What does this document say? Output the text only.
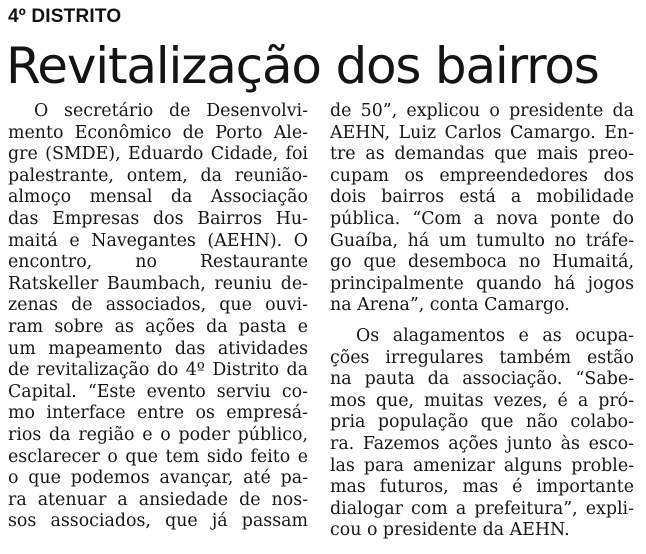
4º DISTRITO
Revitalização dos bairros
O secretário de Desenvolvi-
mento Econômico de Porto Ale-
gre (SMDE), Eduardo Cidade, foi
palestrante, ontem, da reunião-
almoço mensal da Associação
das Empresas dos Bairros Hu-
maitá e Navegantes (AEHN). O
encontro, no Restaurante
Ratskeller Baumbach, reuniu de-
zenas de associados, que ouvi-
ram sobre as ações da pasta e
um mapeamento das atividades
de revitalização do 4º Distrito da
Capital. “Este evento serviu co-
mo interface entre os empresá-
rios da região e o poder público,
esclarecer o que tem sido feito e
o que podemos avançar, até pa-
ra atenuar a ansiedade de nos-
sos associados, que já passam
de 50”, explicou o presidente da
AEHN, Luiz Carlos Camargo. En-
tre as demandas que mais preo-
cupam os empreendedores dos
dois bairros está a mobilidade
pública. “Com a nova ponte do
Guaíba, há um tumulto no tráfe-
go que desemboca no Humaitá,
principalmente quando há jogos
na Arena”, conta Camargo.
Os alagamentos e as ocupa-
ções irregulares também estão
na pauta da associação. “Sabe-
mos que, muitas vezes, é a pró-
pria população que não colabo-
ra. Fazemos ações junto às esco-
las para amenizar alguns proble-
mas futuros, mas é importante
dialogar com a prefeitura”, expli-
cou o presidente da AEHN.
